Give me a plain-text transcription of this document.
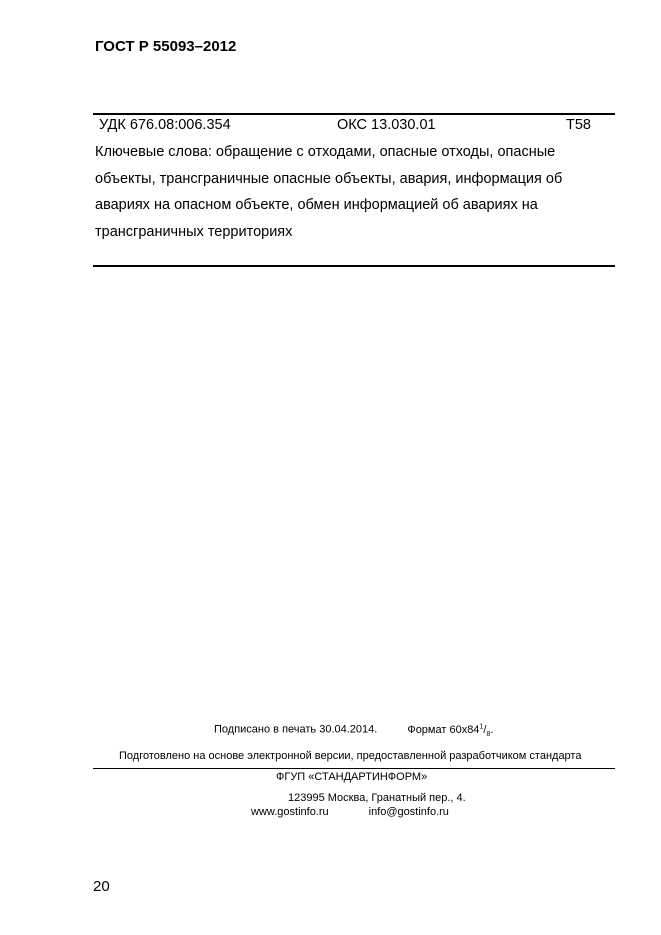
ГОСТ Р 55093–2012
УДК 676.08:006.354	ОКС 13.030.01	Т58
Ключевые слова: обращение с отходами, опасные отходы, опасные
объекты, трансграничные опасные объекты, авария, информация об
авариях на опасном объекте, обмен информацией об авариях на
трансграничных территориях
Подписано в печать 30.04.2014.	Формат $60х84^1/_8$.
Подготовлено на основе электронной версии, предоставленной разработчиком стандарта
ФГУП «СТАНДАРТИНФОРМ»
123995 Москва, Гранатный пер., 4.
www.gostinfo.ru	info@gostinfo.ru
20
